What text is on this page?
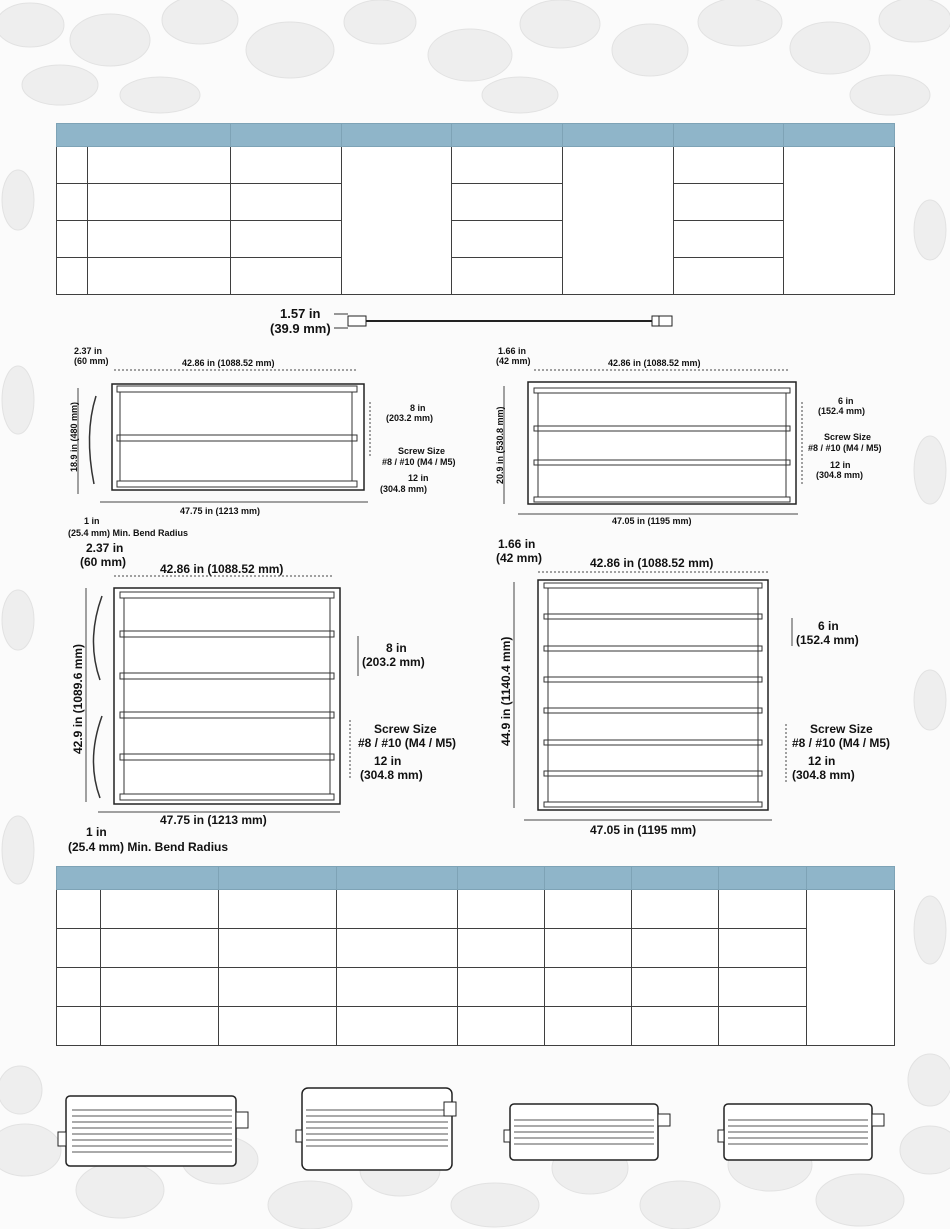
1.57 in
(39.9 mm)
2.37 in
(60 mm)	42.86 in (1088.52 mm)
18.9 in (480 mm)	8 in
(203.2 mm)
Screw Size
#8 / #10 (M4 / M5)
12 in
(304.8 mm)
47.75 in (1213 mm)
1 in
(25.4 mm) Min. Bend Radius
1.66 in
(42 mm)	42.86 in (1088.52 mm)
20.9 in (530.8 mm)
6 in
(152.4 mm)
Screw Size
#8 / #10 (M4 / M5)
12 in
(304.8 mm)
47.05 in (1195 mm)
2.37 in
(60 mm)	42.86 in (1088.52 mm)
42.9 in (1089.6 mm)	8 in
(203.2 mm)
Screw Size
#8 / #10 (M4 / M5)
12 in
(304.8 mm)
47.75 in (1213 mm)
1 in
(25.4 mm) Min. Bend Radius
1.66 in
(42 mm)	42.86 in (1088.52 mm)
44.9 in (1140.4 mm)
6 in
(152.4 mm)
Screw Size
#8 / #10 (M4 / M5)
12 in
(304.8 mm)
47.05 in (1195 mm)
